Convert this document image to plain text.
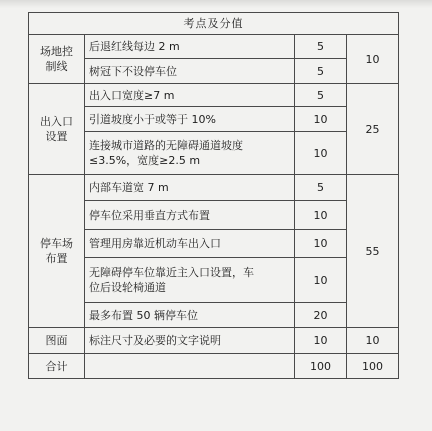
考点及分值			

场地控
制线	后退红线每边 2 m	5	10
	树冠下不设停车位	5	

出入口
设置	出入口宽度≥7 m	5	25
	引道坡度小于或等于 10%	10	

	连接城市道路的无障碍通道坡度
≤3.5%，宽度≥2.5 m	10	

停车场
布置	内部车道宽 7 m	5	55
	停车位采用垂直方式布置	10	
	管理用房靠近机动车出入口	10	

	无障碍停车位靠近主入口设置，车
位后设轮椅通道	10	
	最多布置 50 辆停车位	20	
图面	标注尺寸及必要的文字说明	10	10
合计		100	100
